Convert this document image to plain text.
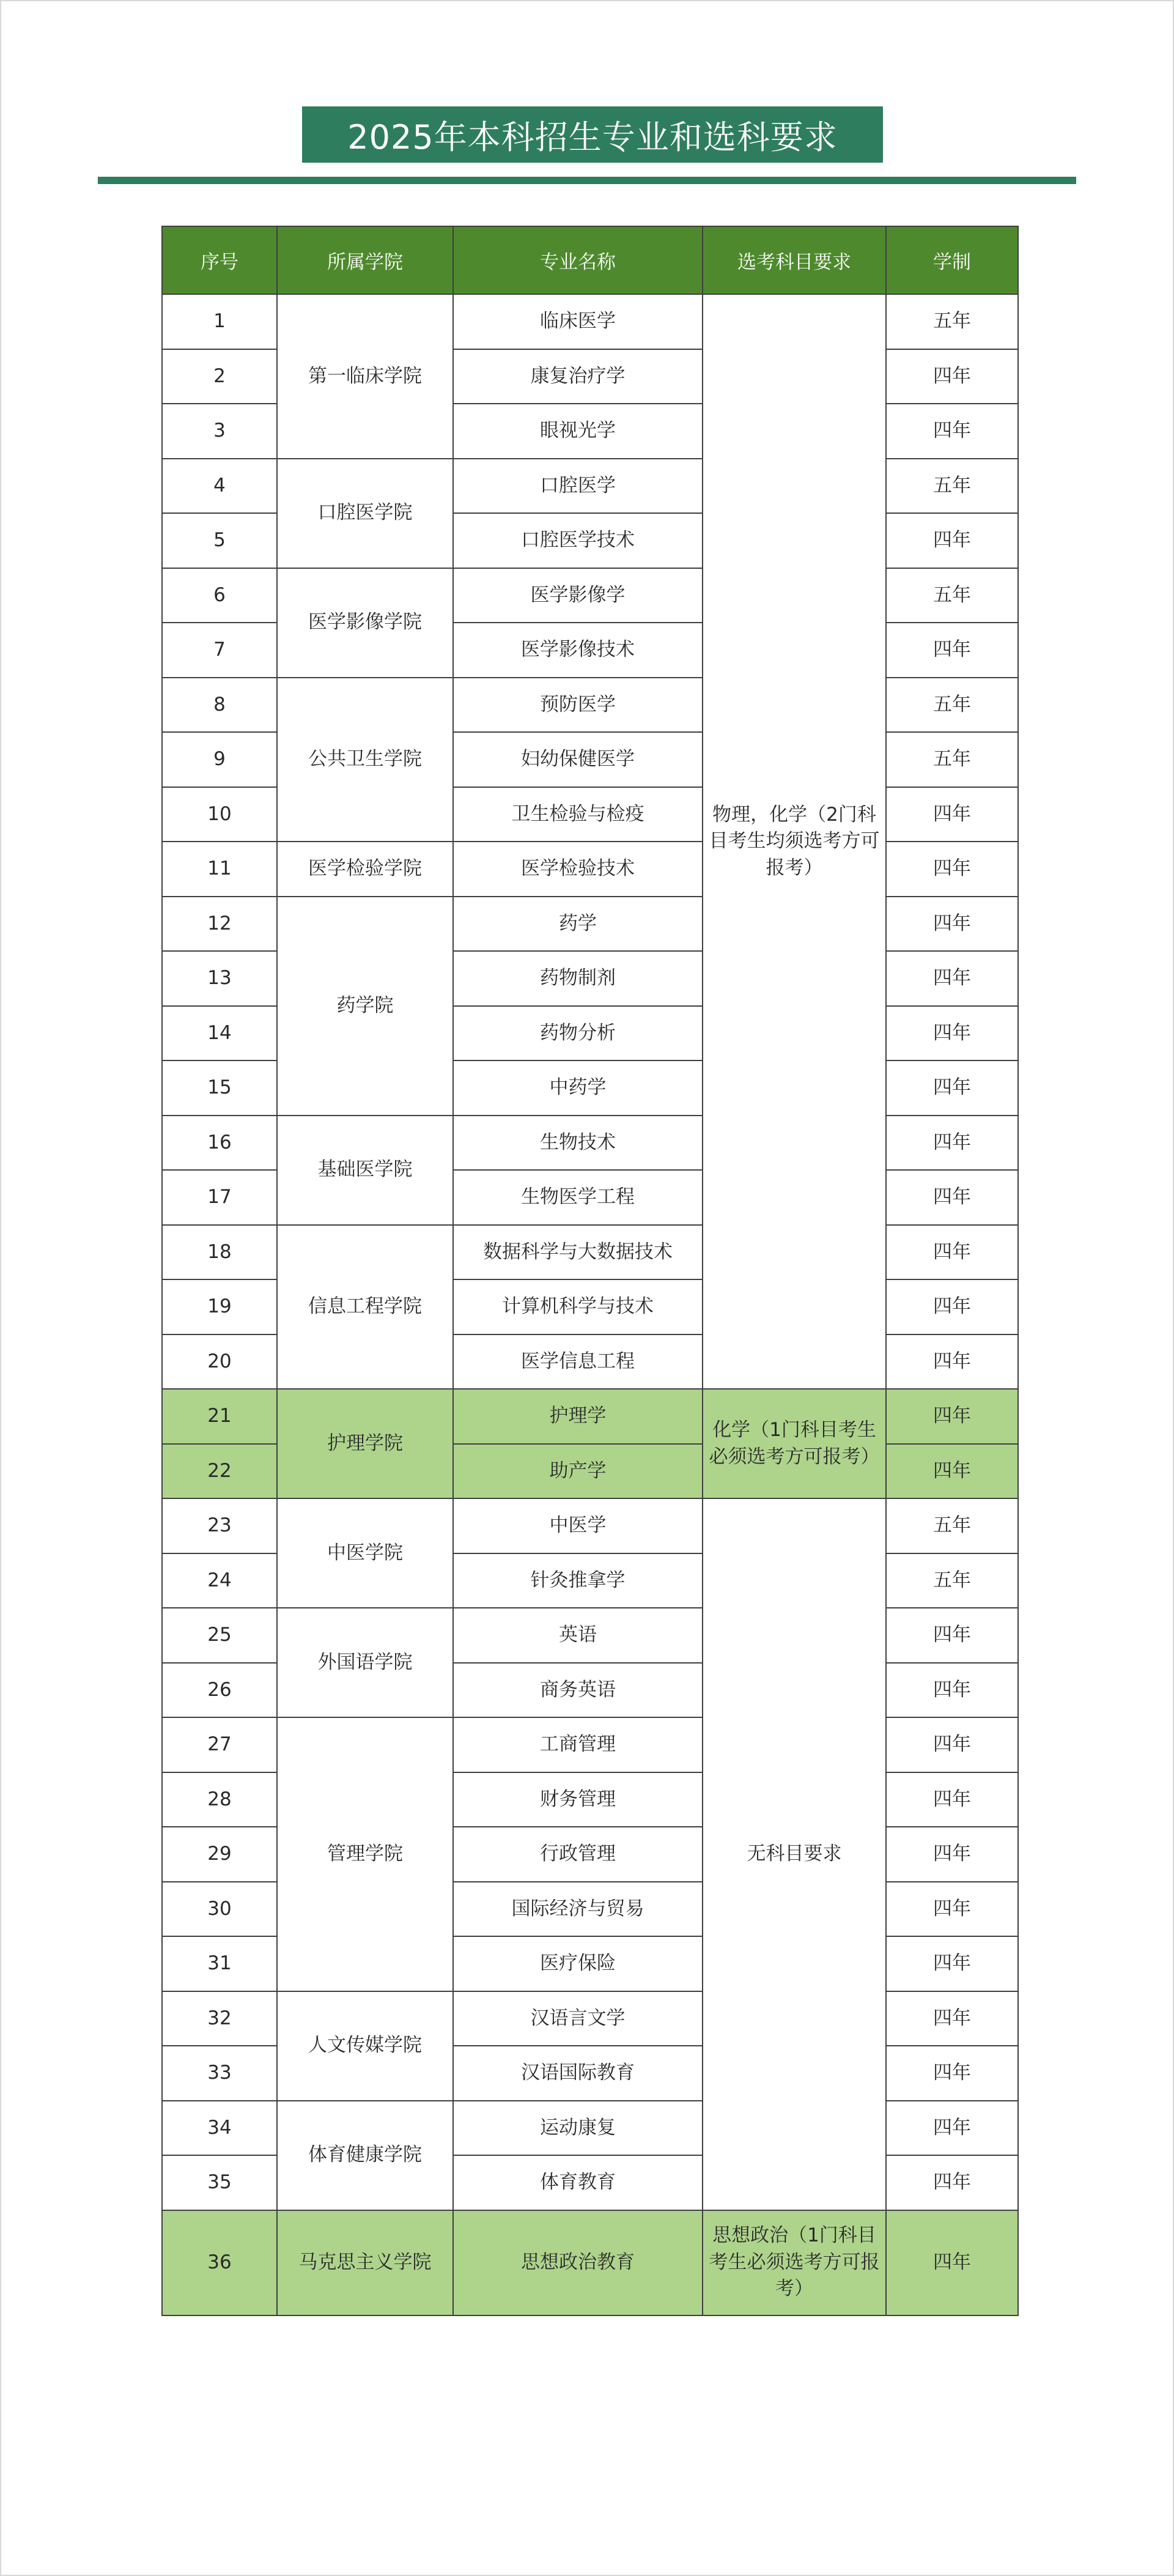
2025年本科招生专业和选科要求
序号	所属学院	专业名称	选考科目要求	学制
1	第一临床学院	临床医学	物理，化学（2门科目考生均须选考方可报考）	五年
2		康复治疗学		四年
3		眼视光学		四年
4	口腔医学院	口腔医学		五年
5		口腔医学技术		四年
6	医学影像学院	医学影像学		五年
7		医学影像技术		四年
8	公共卫生学院	预防医学		五年
9		妇幼保健医学		五年
10		卫生检验与检疫		四年
11	医学检验学院	医学检验技术		四年
12	药学院	药学		四年
13		药物制剂		四年
14		药物分析		四年
15		中药学		四年
16	基础医学院	生物技术		四年
17		生物医学工程		四年
18	信息工程学院	数据科学与大数据技术		四年
19		计算机科学与技术		四年
20		医学信息工程		四年
21	护理学院	护理学	化学（1门科目考生必须选考方可报考）	四年
22		助产学		四年
23	中医学院	中医学	无科目要求	五年
24		针灸推拿学		五年
25	外国语学院	英语		四年
26		商务英语		四年
27	管理学院	工商管理		四年
28		财务管理		四年
29		行政管理		四年
30		国际经济与贸易		四年
31		医疗保险		四年
32	人文传媒学院	汉语言文学		四年
33		汉语国际教育		四年
34	体育健康学院	运动康复		四年
35		体育教育		四年
36	马克思主义学院	思想政治教育	思想政治（1门科目考生必须选考方可报考）	四年
